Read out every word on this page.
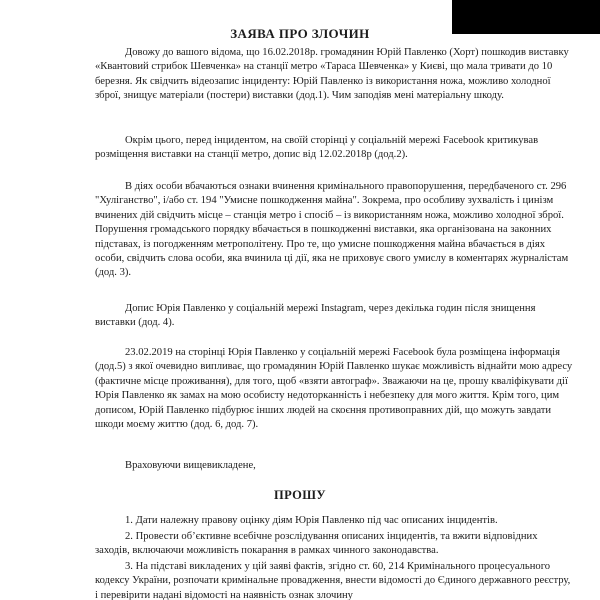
ЗАЯВА ПРО ЗЛОЧИН
Довожу до вашого відома, що 16.02.2018р. громадянин Юрій Павленко (Хорт) пошкодив виставку «Квантовий стрибок Шевченка» на станції метро «Тараса Шевченка» у Києві, що мала тривати до 10 березня. Як свідчить відеозапис інциденту: Юрій Павленко із використання ножа, можливо холодної зброї, знищує матеріали (постери) виставки (дод.1). Чим заподіяв мені матеріальну шкоду.
Окрім цього, перед інцидентом, на своїй сторінці у соціальній мережі Facebook критикував розміщення виставки на станції метро, допис від 12.02.2018р (дод.2).
В діях особи вбачаються ознаки вчинення кримінального правопорушення, передбаченого ст. 296 "Хуліганство", і/або ст. 194 "Умисне пошкодження майна". Зокрема, про особливу зухвалість і цинізм вчинених дій свідчить місце – станція метро і спосіб – із використанням ножа, можливо холодної зброї. Порушення громадського порядку вбачається в пошкодженні виставки, яка організована на законних підставах, із погодженням метрополітену. Про те, що умисне пошкодження майна вбачається в діях особи, свідчить слова особи, яка вчинила ці дії, яка не приховує свого умислу в коментарях журналістам (дод. 3).
Допис Юрія Павленко у соціальній мережі Instagram, через декілька годин після знищення виставки (дод. 4).
23.02.2019 на сторінці Юрія Павленко у соціальній мережі Facebook була розміщена інформація (дод.5) з якої очевидно випливає, що громадянин Юрій Павленко шукає можливість віднайти мою адресу (фактичне місце проживання), для того, щоб «взяти автограф». Зважаючи на це, прошу кваліфікувати дії Юрія Павленко як замах на мою особисту недоторканність і небезпеку для мого життя. Крім того, цим дописом, Юрій Павленко підбурює інших людей на скоєння противоправних дій, що можуть завдати шкоди моєму життю (дод. 6, дод. 7).
Враховуючи вищевикладене,
ПРОШУ
1. Дати належну правову оцінку діям Юрія Павленко під час описаних інцидентів.
2. Провести об’єктивне всебічне розслідування описаних інцидентів, та вжити відповідних заходів, включаючи можливість покарання в рамках чинного законодавства.
3. На підставі викладених у цій заяві фактів, згідно ст. 60, 214 Кримінального процесуального кодексу України, розпочати кримінальне провадження, внести відомості до Єдиного державного реєстру, і перевірити надані відомості на наявність ознак злочину
